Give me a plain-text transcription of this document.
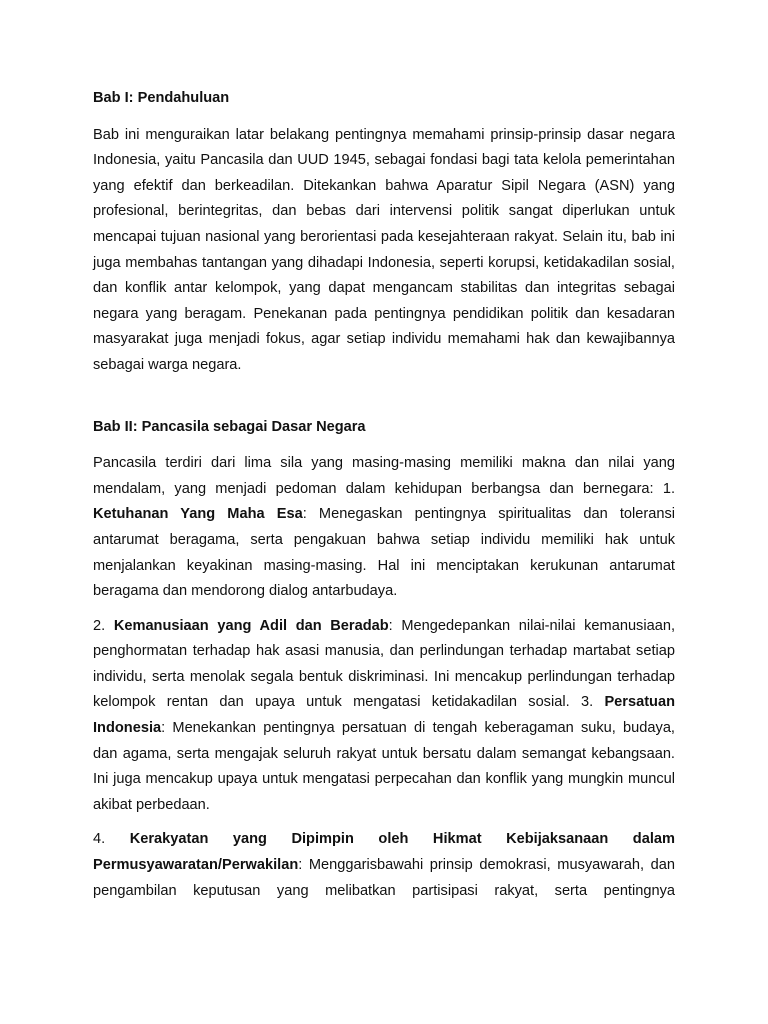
Bab I: Pendahuluan

Bab ini menguraikan latar belakang pentingnya memahami prinsip-prinsip dasar negara Indonesia, yaitu Pancasila dan UUD 1945, sebagai fondasi bagi tata kelola pemerintahan yang efektif dan berkeadilan. Ditekankan bahwa Aparatur Sipil Negara (ASN) yang profesional, berintegritas, dan bebas dari intervensi politik sangat diperlukan untuk mencapai tujuan nasional yang berorientasi pada kesejahteraan rakyat. Selain itu, bab ini juga membahas tantangan yang dihadapi Indonesia, seperti korupsi, ketidakadilan sosial, dan konflik antar kelompok, yang dapat mengancam stabilitas dan integritas sebagai negara yang beragam. Penekanan pada pentingnya pendidikan politik dan kesadaran masyarakat juga menjadi fokus, agar setiap individu memahami hak dan kewajibannya sebagai warga negara.

Bab II: Pancasila sebagai Dasar Negara

Pancasila terdiri dari lima sila yang masing-masing memiliki makna dan nilai yang mendalam, yang menjadi pedoman dalam kehidupan berbangsa dan bernegara: 1. Ketuhanan Yang Maha Esa: Menegaskan pentingnya spiritualitas dan toleransi antarumat beragama, serta pengakuan bahwa setiap individu memiliki hak untuk menjalankan keyakinan masing-masing. Hal ini menciptakan kerukunan antarumat beragama dan mendorong dialog antarbudaya.

2. Kemanusiaan yang Adil dan Beradab: Mengedepankan nilai-nilai kemanusiaan, penghormatan terhadap hak asasi manusia, dan perlindungan terhadap martabat setiap individu, serta menolak segala bentuk diskriminasi. Ini mencakup perlindungan terhadap kelompok rentan dan upaya untuk mengatasi ketidakadilan sosial. 3. Persatuan Indonesia: Menekankan pentingnya persatuan di tengah keberagaman suku, budaya, dan agama, serta mengajak seluruh rakyat untuk bersatu dalam semangat kebangsaan. Ini juga mencakup upaya untuk mengatasi perpecahan dan konflik yang mungkin muncul akibat perbedaan.

4. Kerakyatan yang Dipimpin oleh Hikmat Kebijaksanaan dalam Permusyawaratan/Perwakilan: Menggarisbawahi prinsip demokrasi, musyawarah, dan pengambilan keputusan yang melibatkan partisipasi rakyat, serta pentingnya
